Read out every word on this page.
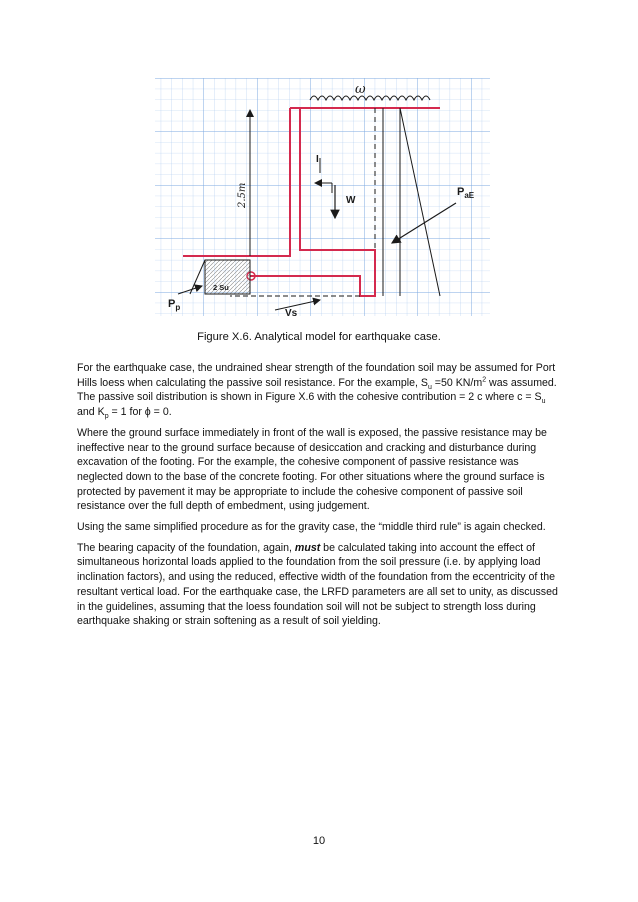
ω
2.5m
I
W
$P_{aE}$
2 Su
$P_p$
Vs
Figure X.6. Analytical model for earthquake case.

For the earthquake case, the undrained shear strength of the foundation soil may be assumed for Port Hills loess when calculating the passive soil resistance. For the example, $S_u =50$ $KN/m^2$ was assumed. The passive soil distribution is shown in Figure X.6 with the cohesive contribution = 2 c where $c = S_u$ and $K_p = 1$ for ϕ = 0.

Where the ground surface immediately in front of the wall is exposed, the passive resistance may be ineffective near to the ground surface because of desiccation and cracking and disturbance during excavation of the footing. For the example, the cohesive component of passive resistance was neglected down to the base of the concrete footing. For other situations where the ground surface is protected by pavement it may be appropriate to include the cohesive component of passive soil resistance over the full depth of embedment, using judgement.

Using the same simplified procedure as for the gravity case, the “middle third rule” is again checked.

The bearing capacity of the foundation, again, must be calculated taking into account the effect of simultaneous horizontal loads applied to the foundation from the soil pressure (i.e. by applying load inclination factors), and using the reduced, effective width of the foundation from the eccentricity of the resultant vertical load. For the earthquake case, the LRFD parameters are all set to unity, as discussed in the guidelines, assuming that the loess foundation soil will not be subject to strength loss during earthquake shaking or strain softening as a result of soil yielding.

10
